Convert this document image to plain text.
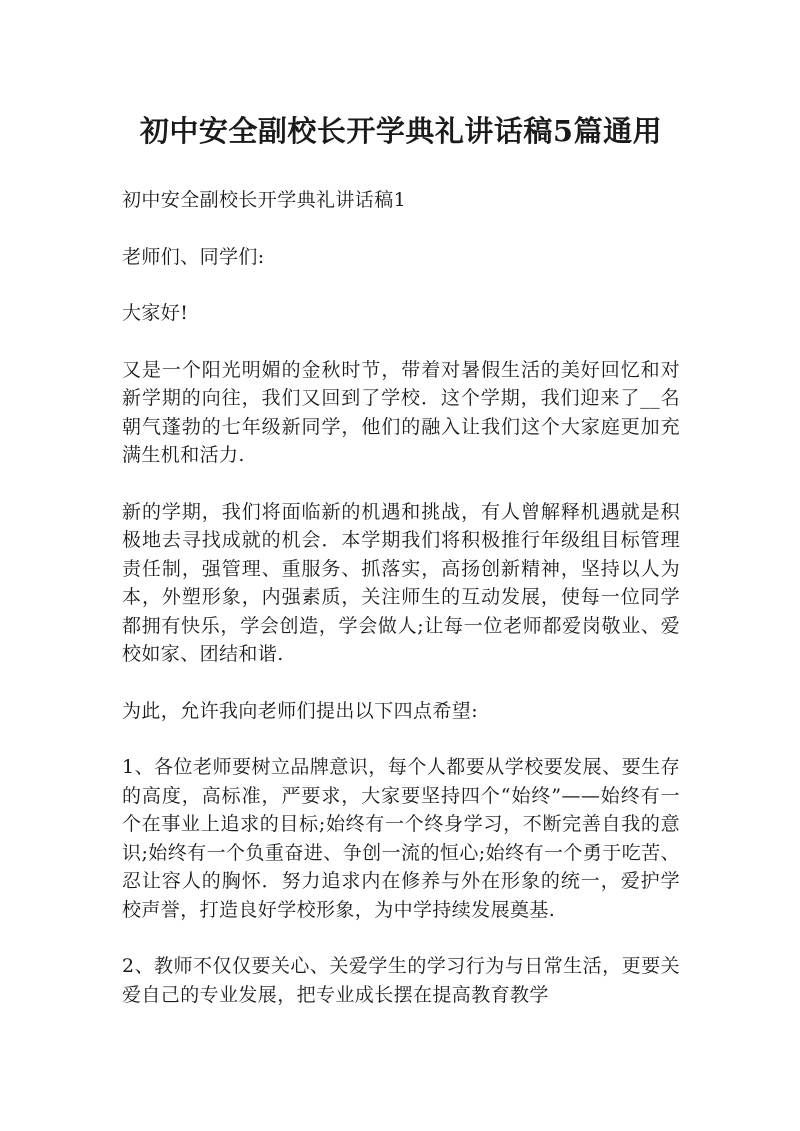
初中安全副校长开学典礼讲话稿5篇通用

初中安全副校长开学典礼讲话稿1

老师们、同学们:

大家好!

又是一个阳光明媚的金秋时节，带着对暑假生活的美好回忆和对新学期的向往，我们又回到了学校．这个学期，我们迎来了__名朝气蓬勃的七年级新同学，他们的融入让我们这个大家庭更加充满生机和活力.

新的学期，我们将面临新的机遇和挑战，有人曾解释机遇就是积极地去寻找成就的机会．本学期我们将积极推行年级组目标管理责任制，强管理、重服务、抓落实，高扬创新精神，坚持以人为本，外塑形象，内强素质，关注师生的互动发展，使每一位同学都拥有快乐，学会创造，学会做人;让每一位老师都爱岗敬业、爱校如家、团结和谐.

为此，允许我向老师们提出以下四点希望:

1、各位老师要树立品牌意识，每个人都要从学校要发展、要生存的高度，高标准，严要求，大家要坚持四个“始终”——始终有一个在事业上追求的目标;始终有一个终身学习，不断完善自我的意识;始终有一个负重奋进、争创一流的恒心;始终有一个勇于吃苦、忍让容人的胸怀．努力追求内在修养与外在形象的统一，爱护学校声誉，打造良好学校形象，为中学持续发展奠基.

2、教师不仅仅要关心、关爱学生的学习行为与日常生活，更要关爱自己的专业发展，把专业成长摆在提高教育教学
